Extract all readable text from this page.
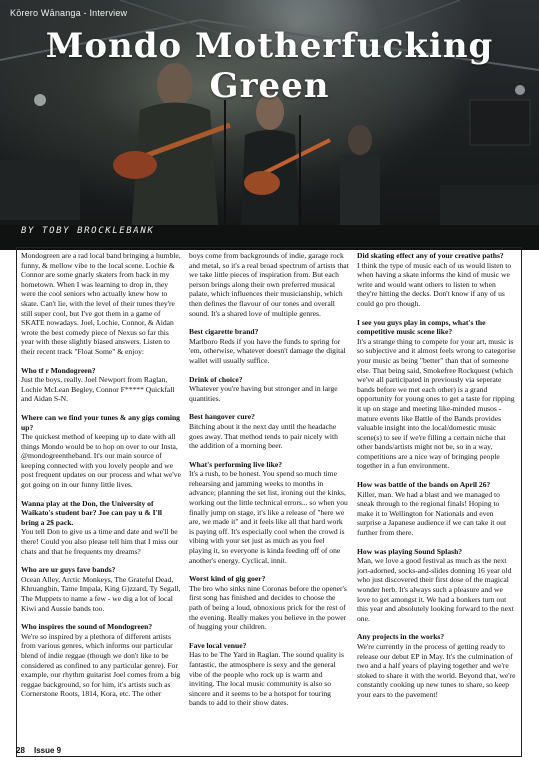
Kōrero Wānanga - Interview
Mondo Motherfucking Green
BY TOBY BROCKLEBANK

Mondogreen are a rad local band bringing a humble, funny, & mellow vibe to the local scene. Lochie & Connor are some gnarly skaters from back in my hometown. When I was learning to drop in, they were the cool seniors who actually knew how to skate. Can't lie, with the level of their tunes they're still super cool, but I've got them in a game of SKATE nowadays. Joel, Lochie, Connor, & Aidan wrote the best comedy piece of Nexus so far this year with these slightly biased answers. Listen to their recent track "Float Some" & enjoy:

Who tf r Mondogreen?
Just the boys, really. Joel Newport from Raglan, Lochie McLean Begley, Connor F***** Quickfall and Aidan S-N.

Where can we find your tunes & any gigs coming up?
The quickest method of keeping up to date with all things Mondo would be to hop on over to our Insta, @mondogreentheband. It's our main source of keeping connected with you lovely people and we post frequent updates on our process and what we've got going on in our funny little lives.

Wanna play at the Don, the University of Waikato's student bar? Joe can pay u & I'll bring a 2$ pack.
You tell Don to give us a time and date and we'll be there! Could you also please tell him that I miss our chats and that he frequents my dreams?

Who are ur guys fave bands?
Ocean Alley, Arctic Monkeys, The Grateful Dead, Khruangbin, Tame Impala, King G)zzard, Ty Segall, The Muppets to name a few - we dig a lot of local Kiwi and Aussie bands too.

Who inspires the sound of Mondogreen?
We're so inspired by a plethora of different artists from various genres, which informs our particular blend of indie reggae (though we don't like to be considered as confined to any particular genre). For example, our rhythm guitarist Joel comes from a big reggae background, so for him, it's artists such as Cornerstone Roots, 1814, Kora, etc. The other

boys come from backgrounds of indie, garage rock and metal, so it's a real broad spectrum of artists that we take little pieces of inspiration from. But each person brings along their own preferred musical palate, which influences their musicianship, which then defines the flavour of our tones and overall sound. It's a shared love of multiple genres.

Best cigarette brand?
Marlboro Reds if you have the funds to spring for 'em, otherwise, whatever doesn't damage the digital wallet will usually suffice.

Drink of choice?
Whatever you're having but stronger and in large quantities.

Best hangover cure?
Bitching about it the next day until the headache goes away. That method tends to pair nicely with the addition of a morning beer.

What's performing live like?
It's a rush, to be honest. You spend so much time rehearsing and jamming weeks to months in advance; planning the set list, ironing out the kinks, working out the little technical errors... so when you finally jump on stage, it's like a release of "here we are, we made it" and it feels like all that hard work is paying off. It's especially cool when the crowd is vibing with your set just as much as you feel playing it, so everyone is kinda feeding off of one another's energy. Cyclical, innit.

Worst kind of gig goer?
The bro who sinks nine Coronas before the opener's first song has finished and decides to choose the path of being a loud, obnoxious prick for the rest of the evening. Really makes you believe in the power of hugging your children.

Fave local venue?
Has to be The Yard in Raglan. The sound quality is fantastic, the atmosphere is sexy and the general vibe of the people who rock up is warm and inviting. The local music community is also so sincere and it seems to be a hotspot for touring bands to add to their show dates.

Did skating effect any of your creative paths?
I think the type of music each of us would listen to when having a skate informs the kind of music we write and would want others to listen to when they're hitting the decks. Don't know if any of us could go pro though.

I see you guys play in comps, what's the competitive music scene like?
It's a strange thing to compete for your art, music is so subjective and it almost feels wrong to categorise your music as being "better" than that of someone else. That being said, Smokefree Rockquest (which we've all participated in previously via seperate bands before we met each other) is a grand opportunity for young ones to get a taste for ripping it up on stage and meeting like-minded musos - mature events like Battle of the Bands provides valuable insight into the local/domestic music scene(s) to see if we're filling a certain niche that other bands/artists might not be, so in a way, competitions are a nice way of bringing people together in a fun environment.

How was battle of the bands on April 26?
Killer, man. We had a blast and we managed to sneak through to the regional finals! Hoping to make it to Wellington for Nationals and even surprise a Japanese audience if we can take it out further from there.

How was playing Sound Splash?
Man, we love a good festival as much as the next jort-adorned, socks-and-slides donning 16 year old who just discovered their first dose of the magical wonder herb. It's always such a pleasure and we love to get amongst it. We had a bonkers turn out this year and absolutely looking forward to the next one.

Any projects in the works?
We're currently in the process of getting ready to release our debut EP in May. It's the culmination of two and a half years of playing together and we're stoked to share it with the world. Beyond that, we're constantly cooking up new tunes to share, so keep your ears to the pavement!

28 Issue 9
